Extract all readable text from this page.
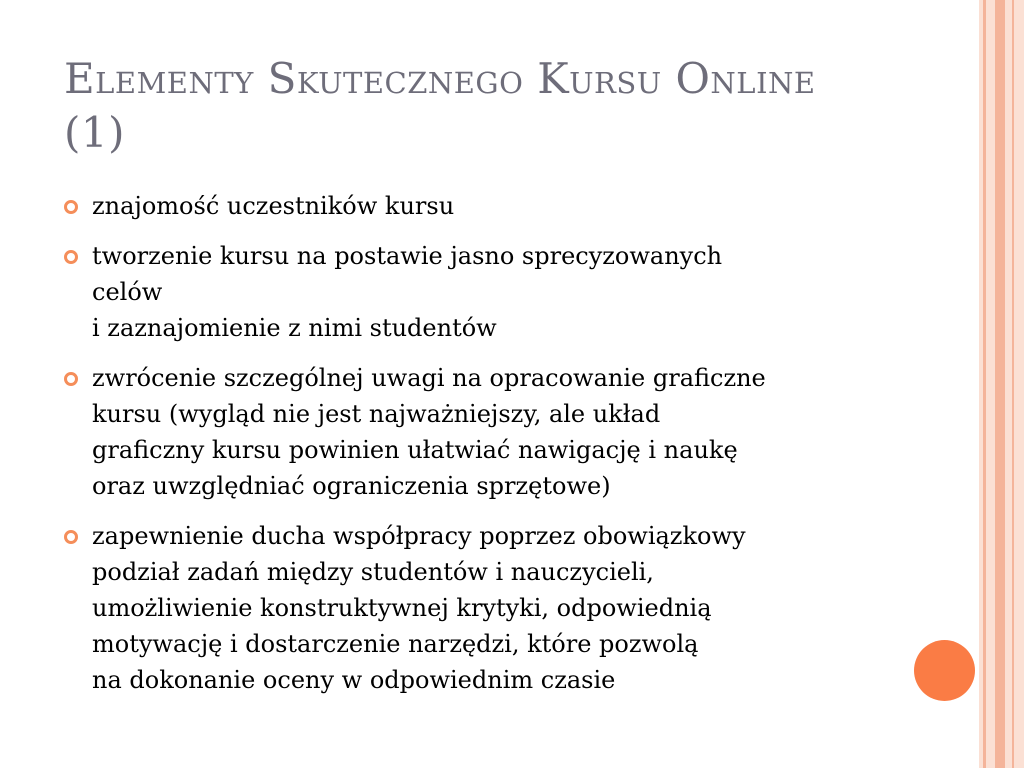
Elementy Skutecznego Kursu Online
(1)
znajomość uczestników kursu
tworzenie kursu na postawie jasno sprecyzowanych
celów
i zaznajomienie z nimi studentów
zwrócenie szczególnej uwagi na opracowanie graficzne
kursu (wygląd nie jest najważniejszy, ale układ
graficzny kursu powinien ułatwiać nawigację i naukę
oraz uwzględniać ograniczenia sprzętowe)
zapewnienie ducha współpracy poprzez obowiązkowy
podział zadań między studentów i nauczycieli,
umożliwienie konstruktywnej krytyki, odpowiednią
motywację i dostarczenie narzędzi, które pozwolą
na dokonanie oceny w odpowiednim czasie
